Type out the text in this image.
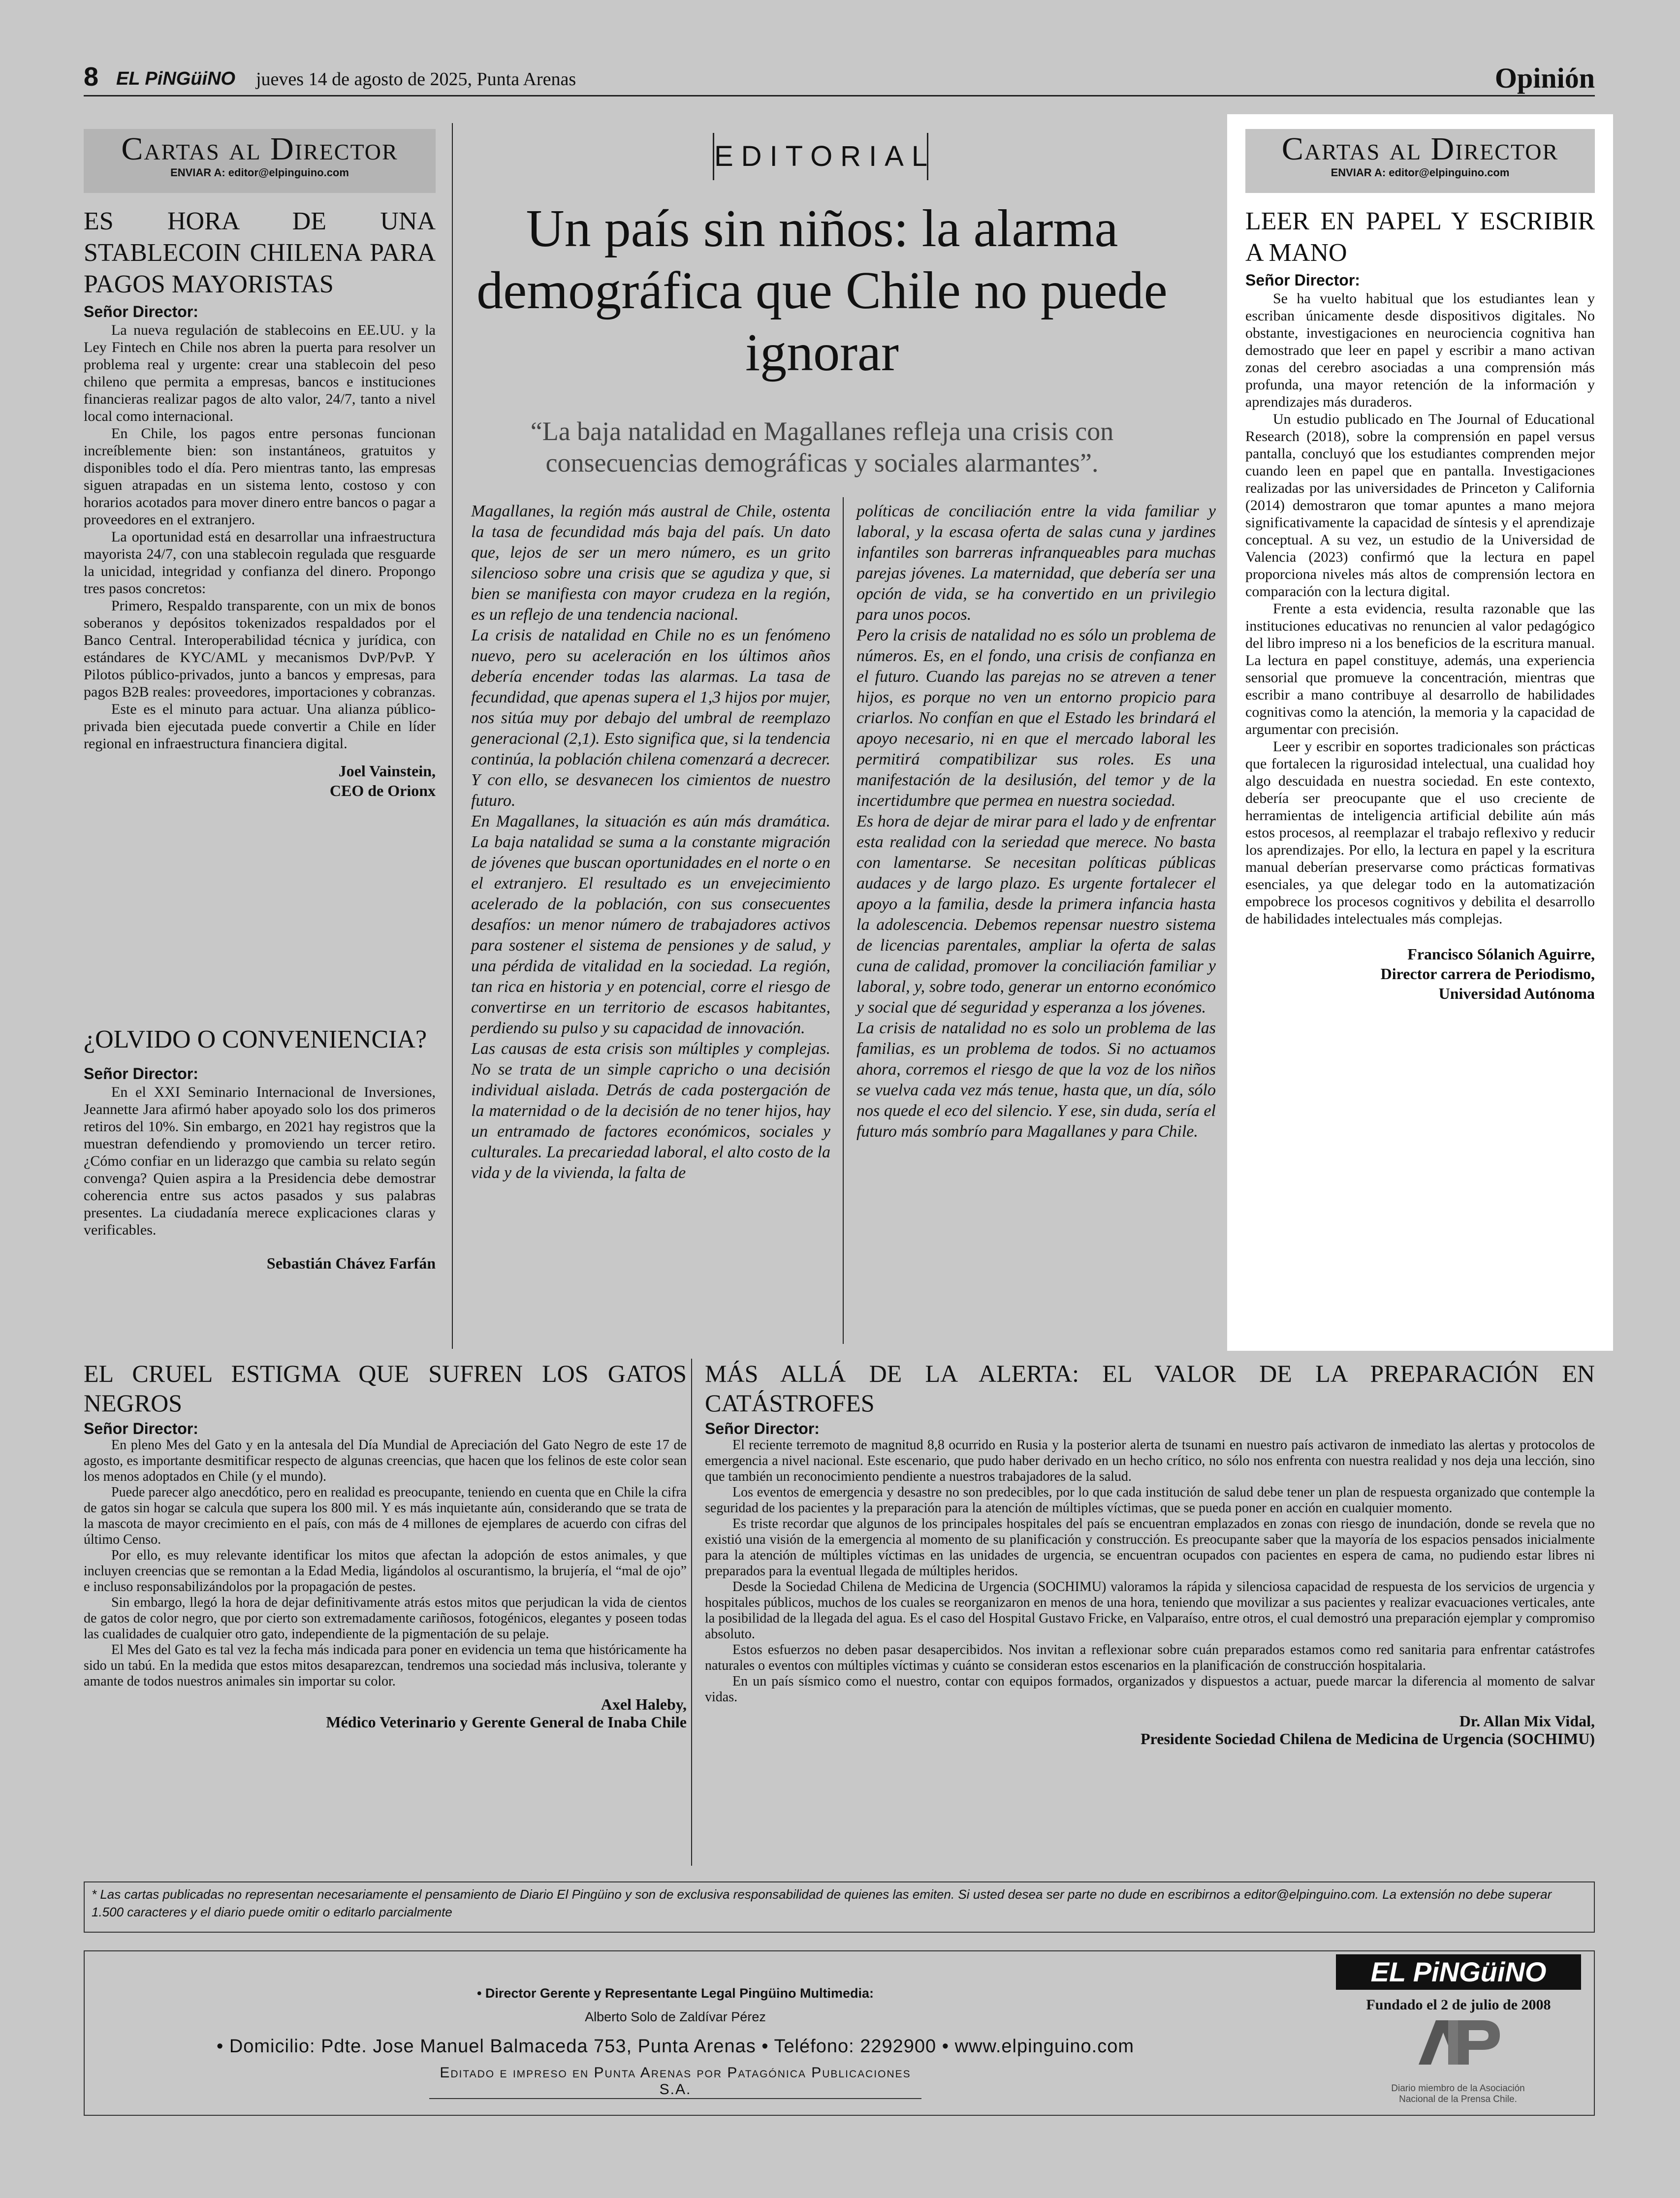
8 EL PiNGüiNO jueves 14 de agosto de 2025, Punta Arenas	Opinión
Cartas al Director
ENVIAR A: editor@elpinguino.com
ES HORA DE UNA STABLECOIN CHILENA PARA PAGOS MAYORISTAS
Señor Director:

La nueva regulación de stablecoins en EE.UU. y la Ley Fintech en Chile nos abren la puerta para resolver un problema real y urgente: crear una stablecoin del peso chileno que permita a empresas, bancos e instituciones financieras realizar pagos de alto valor, 24/7, tanto a nivel local como internacional.

En Chile, los pagos entre personas funcionan increíblemente bien: son instantáneos, gratuitos y disponibles todo el día. Pero mientras tanto, las empresas siguen atrapadas en un sistema lento, costoso y con horarios acotados para mover dinero entre bancos o pagar a proveedores en el extranjero.

La oportunidad está en desarrollar una infraestructura mayorista 24/7, con una stablecoin regulada que resguarde la unicidad, integridad y confianza del dinero. Propongo tres pasos concretos:

Primero, Respaldo transparente, con un mix de bonos soberanos y depósitos tokenizados respaldados por el Banco Central. Interoperabilidad técnica y jurídica, con estándares de KYC/AML y mecanismos DvP/PvP. Y Pilotos público-privados, junto a bancos y empresas, para pagos B2B reales: proveedores, importaciones y cobranzas.

Este es el minuto para actuar. Una alianza público-privada bien ejecutada puede convertir a Chile en líder regional en infraestructura financiera digital.

Joel Vainstein,
CEO de Orionx
¿OLVIDO O CONVENIENCIA?
Señor Director:

En el XXI Seminario Internacional de Inversiones, Jeannette Jara afirmó haber apoyado solo los dos primeros retiros del 10%. Sin embargo, en 2021 hay registros que la muestran defendiendo y promoviendo un tercer retiro. ¿Cómo confiar en un liderazgo que cambia su relato según convenga? Quien aspira a la Presidencia debe demostrar coherencia entre sus actos pasados y sus palabras presentes. La ciudadanía merece explicaciones claras y verificables.

Sebastián Chávez Farfán
EDITORIAL
Un país sin niños: la alarma demográfica que Chile no puede ignorar
“La baja natalidad en Magallanes refleja una crisis con consecuencias demográficas y sociales alarmantes”.

Magallanes, la región más austral de Chile, ostenta la tasa de fecundidad más baja del país. Un dato que, lejos de ser un mero número, es un grito silencioso sobre una crisis que se agudiza y que, si bien se manifiesta con mayor crudeza en la región, es un reflejo de una tendencia nacional.

La crisis de natalidad en Chile no es un fenómeno nuevo, pero su aceleración en los últimos años debería encender todas las alarmas. La tasa de fecundidad, que apenas supera el 1,3 hijos por mujer, nos sitúa muy por debajo del umbral de reemplazo generacional (2,1). Esto significa que, si la tendencia continúa, la población chilena comenzará a decrecer. Y con ello, se desvanecen los cimientos de nuestro futuro.

En Magallanes, la situación es aún más dramática. La baja natalidad se suma a la constante migración de jóvenes que buscan oportunidades en el norte o en el extranjero. El resultado es un envejecimiento acelerado de la población, con sus consecuentes desafíos: un menor número de trabajadores activos para sostener el sistema de pensiones y de salud, y una pérdida de vitalidad en la sociedad. La región, tan rica en historia y en potencial, corre el riesgo de convertirse en un territorio de escasos habitantes, perdiendo su pulso y su capacidad de innovación.

Las causas de esta crisis son múltiples y complejas. No se trata de un simple capricho o una decisión individual aislada. Detrás de cada postergación de la maternidad o de la decisión de no tener hijos, hay un entramado de factores económicos, sociales y culturales. La precariedad laboral, el alto costo de la vida y de la vivienda, la falta de

políticas de conciliación entre la vida familiar y laboral, y la escasa oferta de salas cuna y jardines infantiles son barreras infranqueables para muchas parejas jóvenes. La maternidad, que debería ser una opción de vida, se ha convertido en un privilegio para unos pocos.

Pero la crisis de natalidad no es sólo un problema de números. Es, en el fondo, una crisis de confianza en el futuro. Cuando las parejas no se atreven a tener hijos, es porque no ven un entorno propicio para criarlos. No confían en que el Estado les brindará el apoyo necesario, ni en que el mercado laboral les permitirá compatibilizar sus roles. Es una manifestación de la desilusión, del temor y de la incertidumbre que permea en nuestra sociedad.

Es hora de dejar de mirar para el lado y de enfrentar esta realidad con la seriedad que merece. No basta con lamentarse. Se necesitan políticas públicas audaces y de largo plazo. Es urgente fortalecer el apoyo a la familia, desde la primera infancia hasta la adolescencia. Debemos repensar nuestro sistema de licencias parentales, ampliar la oferta de salas cuna de calidad, promover la conciliación familiar y laboral, y, sobre todo, generar un entorno económico y social que dé seguridad y esperanza a los jóvenes.

La crisis de natalidad no es solo un problema de las familias, es un problema de todos. Si no actuamos ahora, corremos el riesgo de que la voz de los niños se vuelva cada vez más tenue, hasta que, un día, sólo nos quede el eco del silencio. Y ese, sin duda, sería el futuro más sombrío para Magallanes y para Chile.

Cartas al Director
ENVIAR A: editor@elpinguino.com
LEER EN PAPEL Y ESCRIBIR A MANO
Señor Director:

Se ha vuelto habitual que los estudiantes lean y escriban únicamente desde dispositivos digitales. No obstante, investigaciones en neurociencia cognitiva han demostrado que leer en papel y escribir a mano activan zonas del cerebro asociadas a una comprensión más profunda, una mayor retención de la información y aprendizajes más duraderos.

Un estudio publicado en The Journal of Educational Research (2018), sobre la comprensión en papel versus pantalla, concluyó que los estudiantes comprenden mejor cuando leen en papel que en pantalla. Investigaciones realizadas por las universidades de Princeton y California (2014) demostraron que tomar apuntes a mano mejora significativamente la capacidad de síntesis y el aprendizaje conceptual. A su vez, un estudio de la Universidad de Valencia (2023) confirmó que la lectura en papel proporciona niveles más altos de comprensión lectora en comparación con la lectura digital.

Frente a esta evidencia, resulta razonable que las instituciones educativas no renuncien al valor pedagógico del libro impreso ni a los beneficios de la escritura manual. La lectura en papel constituye, además, una experiencia sensorial que promueve la concentración, mientras que escribir a mano contribuye al desarrollo de habilidades cognitivas como la atención, la memoria y la capacidad de argumentar con precisión.

Leer y escribir en soportes tradicionales son prácticas que fortalecen la rigurosidad intelectual, una cualidad hoy algo descuidada en nuestra sociedad. En este contexto, debería ser preocupante que el uso creciente de herramientas de inteligencia artificial debilite aún más estos procesos, al reemplazar el trabajo reflexivo y reducir los aprendizajes. Por ello, la lectura en papel y la escritura manual deberían preservarse como prácticas formativas esenciales, ya que delegar todo en la automatización empobrece los procesos cognitivos y debilita el desarrollo de habilidades intelectuales más complejas.

Francisco Sólanich Aguirre,
Director carrera de Periodismo,
Universidad Autónoma
EL CRUEL ESTIGMA QUE SUFREN LOS GATOS NEGROS
Señor Director:

En pleno Mes del Gato y en la antesala del Día Mundial de Apreciación del Gato Negro de este 17 de agosto, es importante desmitificar respecto de algunas creencias, que hacen que los felinos de este color sean los menos adoptados en Chile (y el mundo).

Puede parecer algo anecdótico, pero en realidad es preocupante, teniendo en cuenta que en Chile la cifra de gatos sin hogar se calcula que supera los 800 mil. Y es más inquietante aún, considerando que se trata de la mascota de mayor crecimiento en el país, con más de 4 millones de ejemplares de acuerdo con cifras del último Censo.

Por ello, es muy relevante identificar los mitos que afectan la adopción de estos animales, y que incluyen creencias que se remontan a la Edad Media, ligándolos al oscurantismo, la brujería, el “mal de ojo” e incluso responsabilizándolos por la propagación de pestes.

Sin embargo, llegó la hora de dejar definitivamente atrás estos mitos que perjudican la vida de cientos de gatos de color negro, que por cierto son extremadamente cariñosos, fotogénicos, elegantes y poseen todas las cualidades de cualquier otro gato, independiente de la pigmentación de su pelaje.

El Mes del Gato es tal vez la fecha más indicada para poner en evidencia un tema que históricamente ha sido un tabú. En la medida que estos mitos desaparezcan, tendremos una sociedad más inclusiva, tolerante y amante de todos nuestros animales sin importar su color.

Axel Haleby,
Médico Veterinario y Gerente General de Inaba Chile
MÁS ALLÁ DE LA ALERTA: EL VALOR DE LA PREPARACIÓN EN CATÁSTROFES
Señor Director:

El reciente terremoto de magnitud 8,8 ocurrido en Rusia y la posterior alerta de tsunami en nuestro país activaron de inmediato las alertas y protocolos de emergencia a nivel nacional. Este escenario, que pudo haber derivado en un hecho crítico, no sólo nos enfrenta con nuestra realidad y nos deja una lección, sino que también un reconocimiento pendiente a nuestros trabajadores de la salud.

Los eventos de emergencia y desastre no son predecibles, por lo que cada institución de salud debe tener un plan de respuesta organizado que contemple la seguridad de los pacientes y la preparación para la atención de múltiples víctimas, que se pueda poner en acción en cualquier momento.

Es triste recordar que algunos de los principales hospitales del país se encuentran emplazados en zonas con riesgo de inundación, donde se revela que no existió una visión de la emergencia al momento de su planificación y construcción. Es preocupante saber que la mayoría de los espacios pensados inicialmente para la atención de múltiples víctimas en las unidades de urgencia, se encuentran ocupados con pacientes en espera de cama, no pudiendo estar libres ni preparados para la eventual llegada de múltiples heridos.

Desde la Sociedad Chilena de Medicina de Urgencia (SOCHIMU) valoramos la rápida y silenciosa capacidad de respuesta de los servicios de urgencia y hospitales públicos, muchos de los cuales se reorganizaron en menos de una hora, teniendo que movilizar a sus pacientes y realizar evacuaciones verticales, ante la posibilidad de la llegada del agua. Es el caso del Hospital Gustavo Fricke, en Valparaíso, entre otros, el cual demostró una preparación ejemplar y compromiso absoluto.

Estos esfuerzos no deben pasar desapercibidos. Nos invitan a reflexionar sobre cuán preparados estamos como red sanitaria para enfrentar catástrofes naturales o eventos con múltiples víctimas y cuánto se consideran estos escenarios en la planificación de construcción hospitalaria.

En un país sísmico como el nuestro, contar con equipos formados, organizados y dispuestos a actuar, puede marcar la diferencia al momento de salvar vidas.

Dr. Allan Mix Vidal,
Presidente Sociedad Chilena de Medicina de Urgencia (SOCHIMU)
* Las cartas publicadas no representan necesariamente el pensamiento de Diario El Pingüino y son de exclusiva responsabilidad de quienes las emiten. Si usted desea ser parte no dude en escribirnos a editor@elpinguino.com. La extensión no debe superar 1.500 caracteres y el diario puede omitir o editarlo parcialmente
• Director Gerente y Representante Legal Pingüino Multimedia:
Alberto Solo de Zaldívar Pérez
• Domicilio: Pdte. Jose Manuel Balmaceda 753, Punta Arenas • Teléfono: 2292900 • www.elpinguino.com
Editado e impreso en Punta Arenas por Patagónica Publicaciones S.A.
EL PiNGüiNO
Fundado el 2 de julio de 2008
Diario miembro de la Asociación
Nacional de la Prensa Chile.
